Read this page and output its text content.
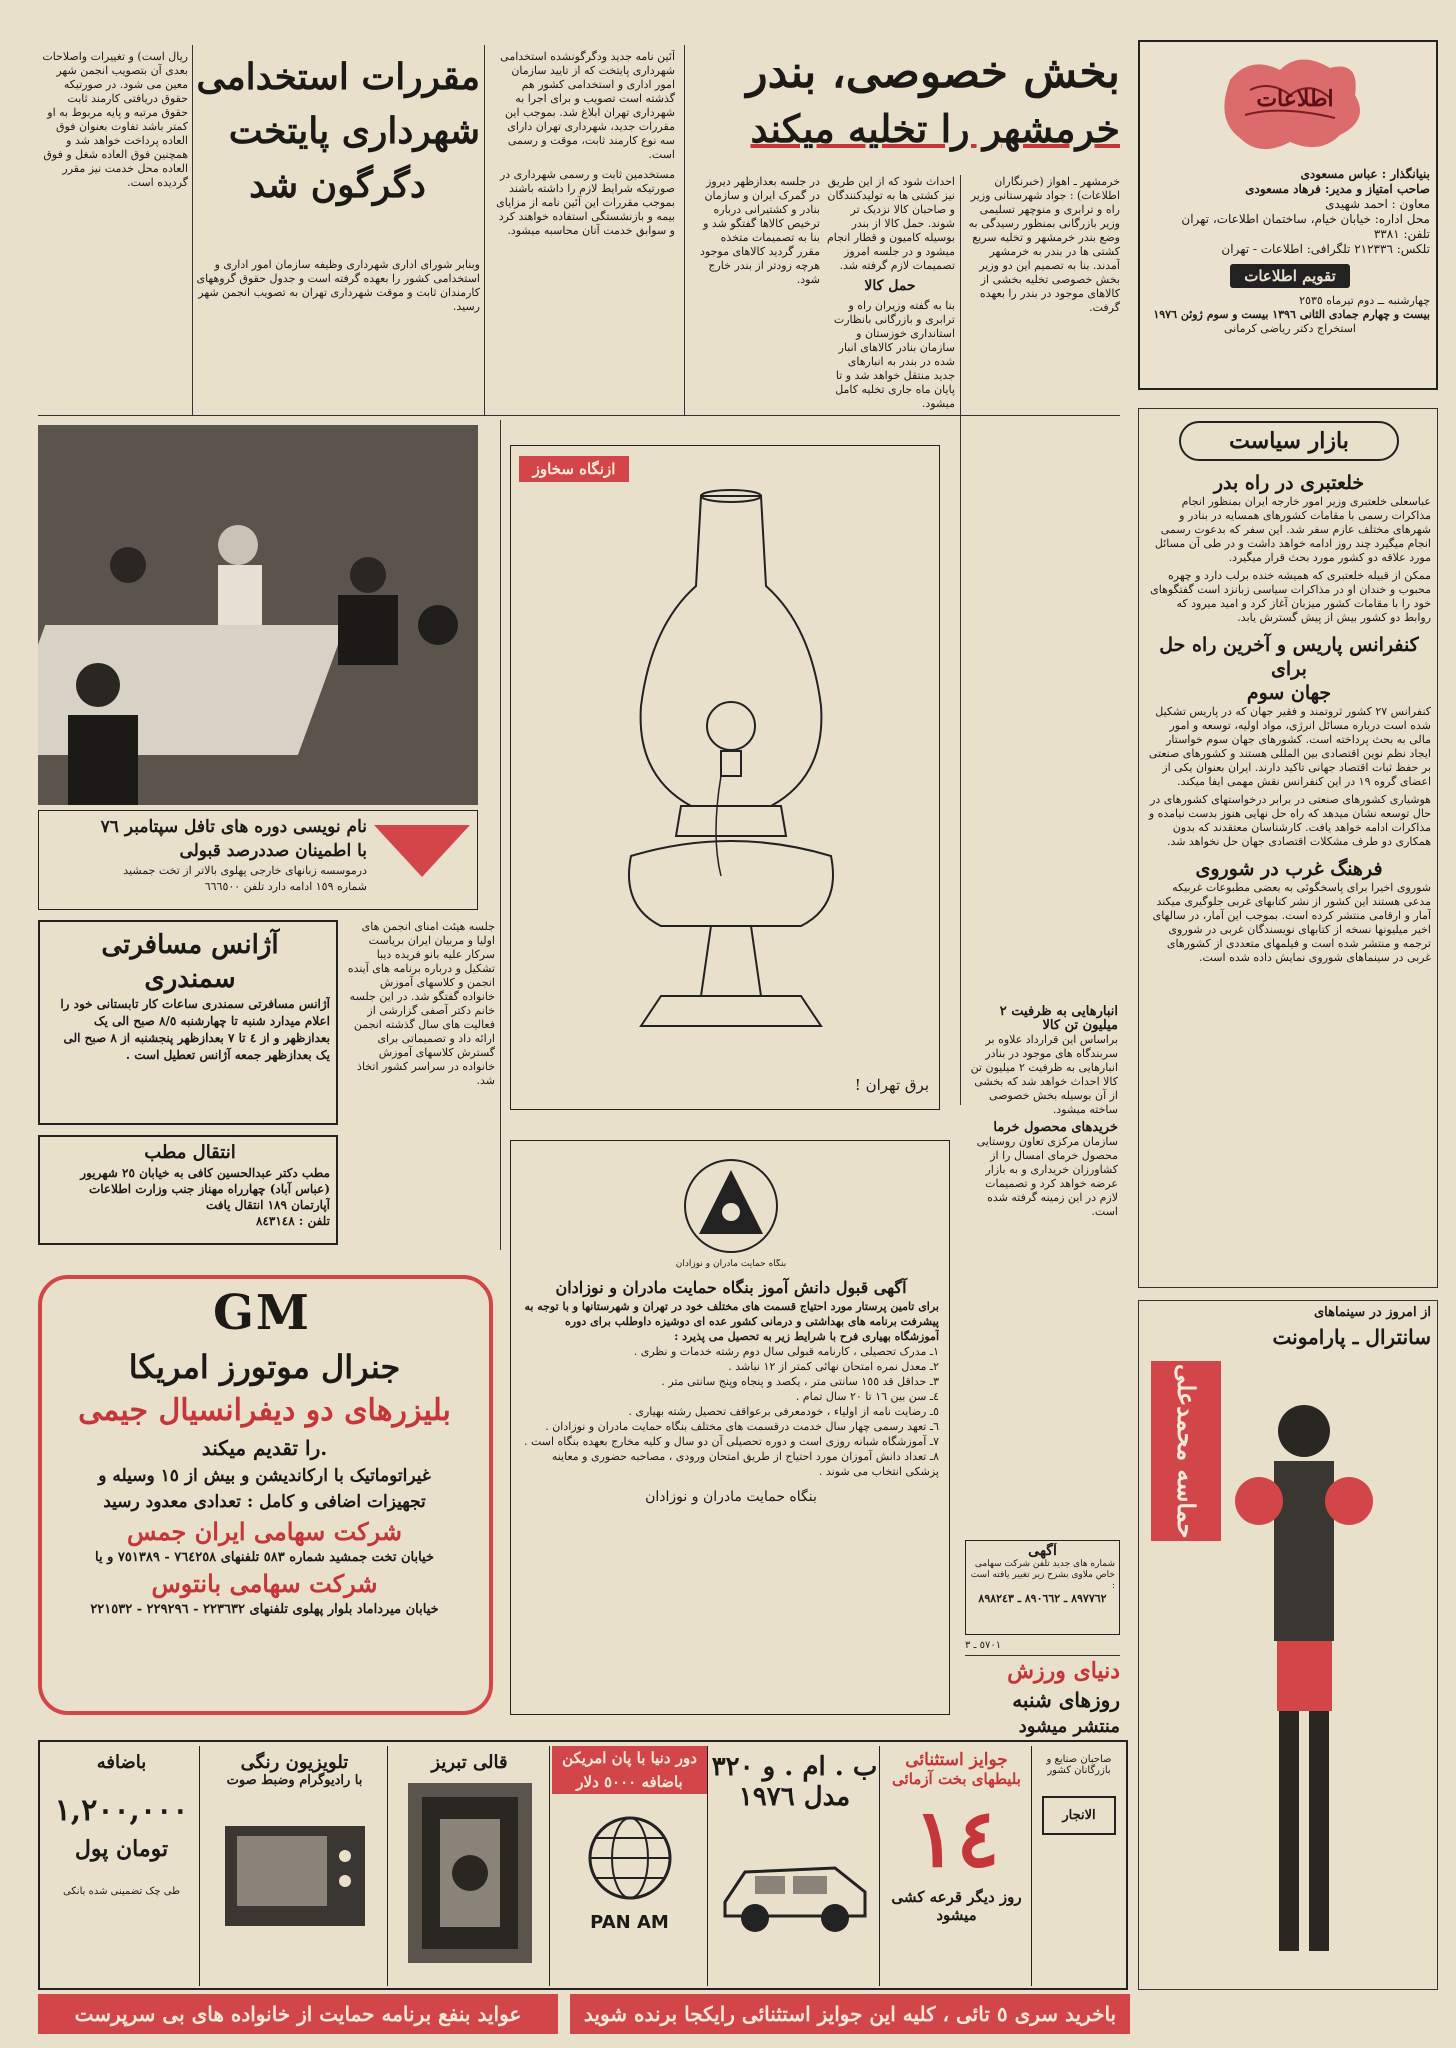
اطلاعات
بنیانگذار : عباس مسعودی
صاحب امتیاز و مدیر: فرهاد مسعودی
معاون : احمد شهیدی
محل اداره: خیابان خیام، ساختمان اطلاعات، تهران
تلفن: ٣٣٨١
تلکس: ٢١٢٣٣٦ تلگرافی: اطلاعات - تهران
تقویم اطلاعات
چهارشنبه ــ دوم تیرماه ٢٥٣٥
بیست و چهارم جمادی الثانی ١٣٩٦ بیست و سوم ژوئن ١٩٧٦
استخراج دکتر ریاضی کرمانی
بخش خصوصی، بندر
خرمشهر را تخلیه میکند
خرمشهر ـ اهواز (خبرنگاران اطلاعات) : جواد شهرستانی وزیر راه و ترابری و منوچهر تسلیمی وزیر بازرگانی بمنظور رسیدگی به وضع بندر خرمشهر و تخلیه سریع کشتی ها در بندر به خرمشهر آمدند. بنا به تصمیم این دو وزیر بخش خصوصی تخلیه بخشی از کالاهای موجود در بندر را بعهده گرفت.
احداث شود که از این طریق نیز کشتی ها به تولیدکنندگان و صاحبان کالا نزدیک تر شوند. حمل کالا از بندر بوسیله کامیون و قطار انجام میشود و در جلسه امروز تصمیمات لازم گرفته شد.
حمل کالا
بنا به گفته وزیران راه و ترابری و بازرگانی بانظارت استانداری خوزستان و سازمان بنادر کالاهای انبار شده در بندر به انبارهای جدید منتقل خواهد شد و تا پایان ماه جاری تخلیه کامل میشود.
در جلسه بعدازظهر دیروز در گمرک ایران و سازمان بنادر و کشتیرانی درباره ترخیص کالاها گفتگو شد و بنا به تصمیمات متخذه مقرر گردید کالاهای موجود هرچه زودتر از بندر خارج شود.
آئین نامه جدید ودگرگونشده استخدامی شهرداری پایتخت که از تایید سازمان امور اداری و استخدامی کشور هم گذشته است تصویب و برای اجرا به شهرداری تهران ابلاغ شد. بموجب این مقررات جدید، شهرداری تهران دارای سه نوع کارمند ثابت، موقت و رسمی است.
مستخدمین ثابت و رسمی شهرداری در صورتیکه شرایط لازم را داشته باشند بموجب مقررات این آئین نامه از مزایای بیمه و بازنشستگی استفاده خواهند کرد و سوابق خدمت آنان محاسبه میشود.
مقررات استخدامی
شهرداری پایتخت
دگرگون شد
وبنابر شورای اداری شهرداری وظیفه سازمان امور اداری و استخدامی کشور را بعهده گرفته است و جدول حقوق گروههای کارمندان ثابت و موقت شهرداری تهران به تصویب انجمن شهر رسید.
ریال است) و تغییرات واصلاحات بعدی آن بتصویب انجمن شهر معین می شود. در صورتیکه حقوق دریافتی کارمند ثابت حقوق مرتبه و پایه مربوط به او کمتر باشد تفاوت بعنوان فوق العاده پرداخت خواهد شد و همچنین فوق العاده شغل و فوق العاده محل خدمت نیز مقرر گردیده است.
نام نویسی دوره های تافل سپتامبر ٧٦
با اطمینان صددرصد قبولی
درموسسه زبانهای خارجی پهلوی بالاتر از تخت جمشید
شماره ١٥٩ ادامه دارد تلفن ٦٦٦٥٠٠
آژانس مسافرتی
سمندری
آژانس مسافرتی سمندری ساعات کار تابستانی خود را اعلام میدارد شنبه تا چهارشنبه ٨/٥ صبح الی یک بعدازظهر و از ٤ تا ٧ بعدازظهر پنجشنبه از ٨ صبح الی یک بعدازظهر جمعه آژانس تعطیل است .
انتقال مطب
مطب دکتر عبدالحسین کافی به خیابان ٢٥ شهریور (عباس آباد) چهارراه مهناز جنب وزارت اطلاعات آپارتمان ١٨٩ انتقال یافت
تلفن : ٨٤٣١٤٨
جلسه هیئت امنای انجمن های اولیا و مربیان ایران بریاست سرکار علیه بانو فریده دیبا تشکیل و درباره برنامه های آینده انجمن و کلاسهای آموزش خانواده گفتگو شد. در این جلسه خانم دکتر آصفی گزارشی از فعالیت های سال گذشته انجمن ارائه داد و تصمیماتی برای گسترش کلاسهای آموزش خانواده در سراسر کشور اتخاذ شد.
ازنگاه سخاوز
برق تهران !
انبارهایی به ظرفیت ٢ میلیون تن کالا
براساس این قرارداد علاوه بر سربندگاه های موجود در بنادر انبارهایی به ظرفیت ٢ میلیون تن کالا احداث خواهد شد که بخشی از آن بوسیله بخش خصوصی ساخته میشود.
خریدهای محصول خرما
سازمان مرکزی تعاون روستایی محصول خرمای امسال را از کشاورزان خریداری و به بازار عرضه خواهد کرد و تصمیمات لازم در این زمینه گرفته شده است.
بازار سیاست
خلعتبری در راه بدر
عباسعلی خلعتبری وزیر امور خارجه ایران بمنظور انجام مذاکرات رسمی با مقامات کشورهای همسایه در بنادر و شهرهای مختلف عازم سفر شد. این سفر که بدعوت رسمی انجام میگیرد چند روز ادامه خواهد داشت و در طی آن مسائل مورد علاقه دو کشور مورد بحث قرار میگیرد.
ممکن از قبیله خلعتبری که همیشه خنده برلب دارد و چهره محبوب و خندان او در مذاکرات سیاسی زبانزد است گفتگوهای خود را با مقامات کشور میزبان آغاز کرد و امید میرود که روابط دو کشور بیش از پیش گسترش یابد.
کنفرانس پاریس و آخرین راه حل برای
جهان سوم
کنفرانس ٢٧ کشور ثروتمند و فقیر جهان که در پاریس تشکیل شده است درباره مسائل انرژی، مواد اولیه، توسعه و امور مالی به بحث پرداخته است. کشورهای جهان سوم خواستار ایجاد نظم نوین اقتصادی بین المللی هستند و کشورهای صنعتی بر حفظ ثبات اقتصاد جهانی تاکید دارند. ایران بعنوان یکی از اعضای گروه ١٩ در این کنفرانس نقش مهمی ایفا میکند.
هوشیاری کشورهای صنعتی در برابر درخواستهای کشورهای در حال توسعه نشان میدهد که راه حل نهایی هنوز بدست نیامده و مذاکرات ادامه خواهد یافت. کارشناسان معتقدند که بدون همکاری دو طرف مشکلات اقتصادی جهان حل نخواهد شد.
فرهنگ غرب در شوروی
شوروی اخیرا برای پاسخگوئی به بعضی مطبوعات غربیکه مدعی هستند این کشور از نشر کتابهای غربی جلوگیری میکند آمار و ارقامی منتشر کرده است. بموجب این آمار، در سالهای اخیر میلیونها نسخه از کتابهای نویسندگان غربی در شوروی ترجمه و منتشر شده است و فیلمهای متعددی از کشورهای غربی در سینماهای شوروی نمایش داده شده است.
GM
جنرال موتورز امریکا
بلیزرهای دو دیفرانسیال جیمی
را تقدیم میکند.
غیراتوماتیک با ارکاندیشن و بیش از ١٥ وسیله و
تجهیزات اضافی و کامل : تعدادی معدود رسید
شرکت سهامی ایران جمس
خیابان تخت جمشید شماره ٥٨٣ تلفنهای ٧٦٤٢٥٨ - ٧٥١٣٨٩ و یا
شرکت سهامی بانتوس
خیابان میرداماد بلوار پهلوی تلفنهای ٢٢٣٦٣٢ - ٢٢٩٢٩٦ - ٢٢١٥٣٢
بنگاه حمایت مادران و نوزادان
آگهی قبول دانش آموز بنگاه حمایت مادران و نوزادان
برای تامین پرستار مورد احتیاج قسمت های مختلف خود در تهران و شهرستانها و با توجه به پیشرفت برنامه های بهداشتی و درمانی کشور عده ای دوشیزه داوطلب برای دوره آموزشگاه بهیاری فرح با شرایط زیر به تحصیل می پذیرد :
١ـ مدرک تحصیلی ، کارنامه قبولی سال دوم رشته خدمات و نظری .
٢ـ معدل نمره امتحان نهائی کمتر از ١٢ نباشد .
٣ـ حداقل قد ١٥٥ سانتی متر ، یکصد و پنجاه وپنج سانتی متر .
٤ـ سن بین ١٦ تا ٢٠ سال تمام .
٥ـ رضایت نامه از اولیاء ، خودمعرفی برعواقف تحصیل رشته بهیاری .
٦ـ تعهد رسمی چهار سال خدمت درقسمت های مختلف بنگاه حمایت مادران و نوزادان .
٧ـ آموزشگاه شبانه روزی است و دوره تحصیلی آن دو سال و کلیه مخارج بعهده بنگاه است .
٨ـ تعداد دانش آموزان مورد احتیاج از طریق امتحان ورودی ، مصاحبه حضوری و معاینه پزشکی انتخاب می شوند .
بنگاه حمایت مادران و نوزادان
آگهی
شماره های جدید تلفن شرکت سهامی خاص ملاوی بشرح زیر تغییر یافته است :
٨٩٧٧٦٢ ـ ٨٩٠٦٦٢ ـ ٨٩٨٢٤٣
٥٧٠١ ـ ٣
دنیای ورزش
روزهای شنبه
منتشر میشود
از امروز در سینماهای
سانترال ـ پارامونت
حماسه محمدعلی
باضافه
١,٢٠٠,٠٠٠
تومان پول
طی چک تضمینی شده بانکی
تلویزیون رنگی
با رادیوگرام وضبط صوت
قالی تبریز	دور دنیا با پان امریکن
باضافه ٥٠٠٠ دلار
PAN AM
ب . ام . و ٣٢٠
مدل ١٩٧٦
جوایز استثنائی
بلیطهای بخت آزمائی
١٤
روز دیگر قرعه کشی میشود
صاحبان صنایع و بازرگانان کشور
الانجار
عواید بنفع برنامه حمایت از خانواده های بی سرپرست	باخرید سری ٥ تائی ، کلیه این جوایز استثنائی رایکجا برنده شوید
